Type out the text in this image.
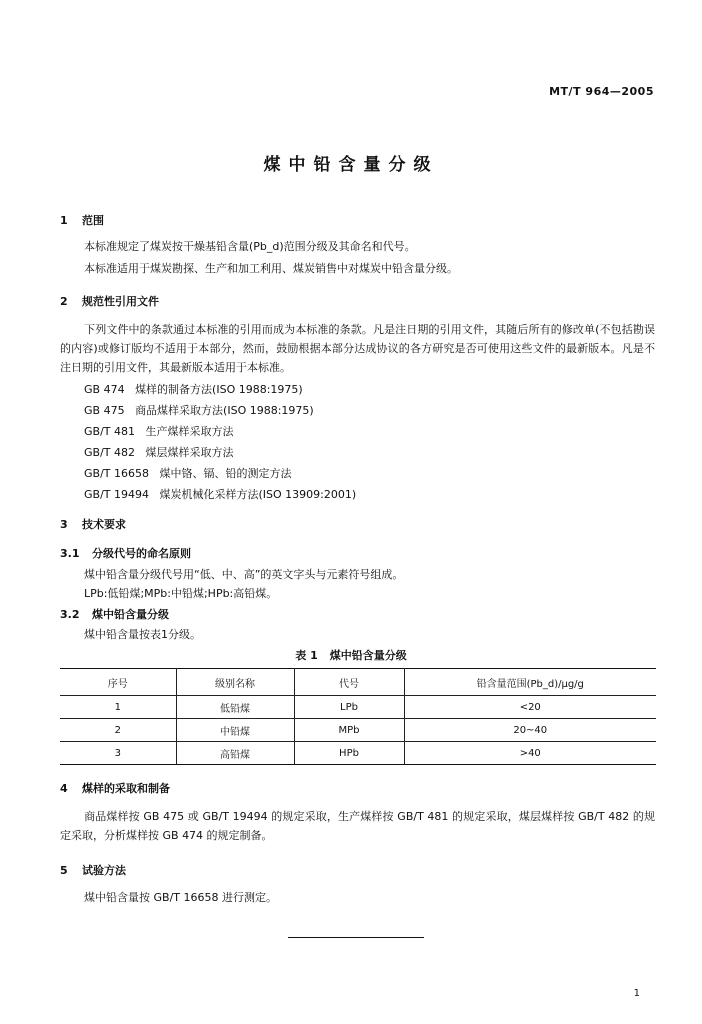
MT/T 964—2005
煤中铅含量分级
1 范围
本标准规定了煤炭按干燥基铅含量(Pb_d)范围分级及其命名和代号。
本标准适用于煤炭勘探、生产和加工利用、煤炭销售中对煤炭中铅含量分级。
2 规范性引用文件
下列文件中的条款通过本标准的引用而成为本标准的条款。凡是注日期的引用文件，其随后所有的修改单(不包括勘误的内容)或修订版均不适用于本部分，然而，鼓励根据本部分达成协议的各方研究是否可使用这些文件的最新版本。凡是不注日期的引用文件，其最新版本适用于本标准。
GB 474 煤样的制备方法(ISO 1988:1975)
GB 475 商品煤样采取方法(ISO 1988:1975)
GB/T 481 生产煤样采取方法
GB/T 482 煤层煤样采取方法
GB/T 16658 煤中铬、镉、铅的测定方法
GB/T 19494 煤炭机械化采样方法(ISO 13909:2001)
3 技术要求
3.1 分级代号的命名原则
煤中铅含量分级代号用“低、中、高”的英文字头与元素符号组成。
LPb:低铅煤;MPb:中铅煤;HPb:高铅煤。
3.2 煤中铅含量分级
煤中铅含量按表1分级。
表 1 煤中铅含量分级
序号	级别名称	代号	铅含量范围(Pb_d)/μg/g
1	低铅煤	LPb	<20
2	中铅煤	MPb	20~40
3	高铅煤	HPb	>40
4 煤样的采取和制备
商品煤样按 GB 475 或 GB/T 19494 的规定采取，生产煤样按 GB/T 481 的规定采取，煤层煤样按 GB/T 482 的规定采取，分析煤样按 GB 474 的规定制备。
5 试验方法
煤中铅含量按 GB/T 16658 进行测定。
1
